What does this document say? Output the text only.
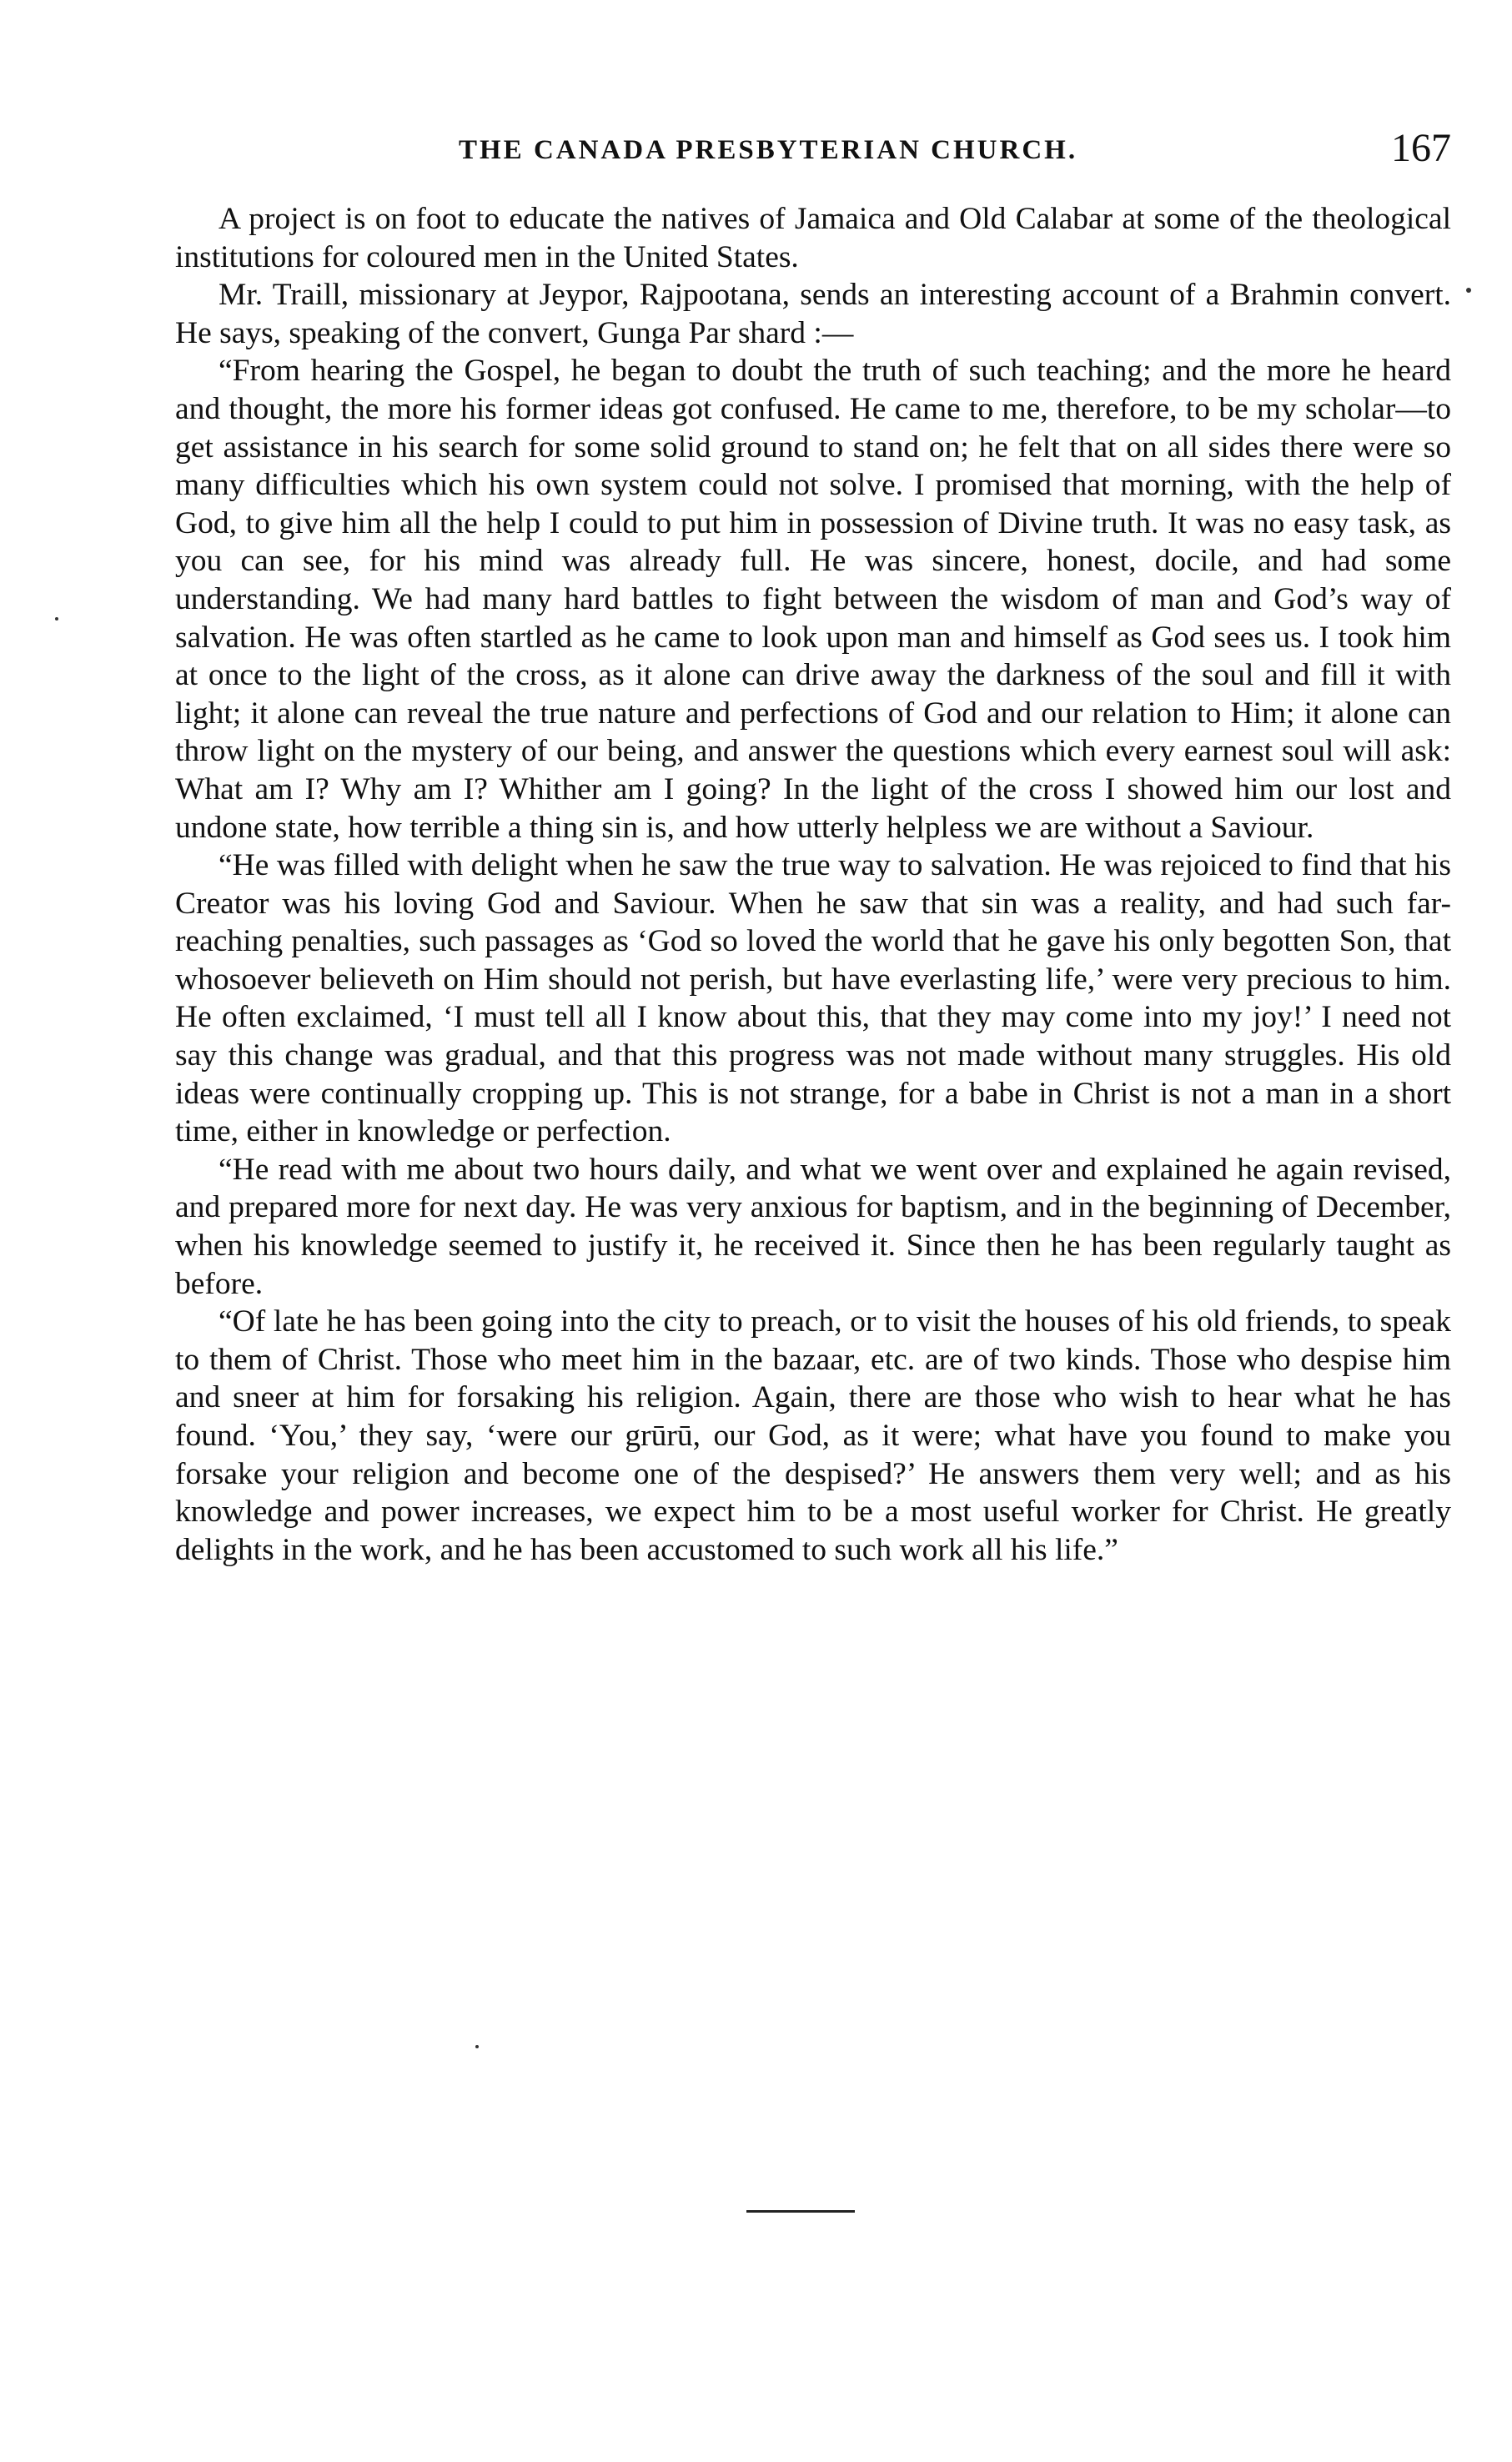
THE CANADA PRESBYTERIAN CHURCH.	167

A project is on foot to educate the natives of Jamaica and Old Calabar at some of the theological institutions for coloured men in the United States.

Mr. Traill, missionary at Jeypor, Rajpootana, sends an interesting account of a Brahmin convert. He says, speaking of the convert, Gunga Par shard :—

“From hearing the Gospel, he began to doubt the truth of such teaching; and the more he heard and thought, the more his former ideas got confused. He came to me, therefore, to be my scholar—to get assistance in his search for some solid ground to stand on; he felt that on all sides there were so many difficulties which his own system could not solve. I promised that morning, with the help of God, to give him all the help I could to put him in possession of Divine truth. It was no easy task, as you can see, for his mind was already full. He was sincere, honest, docile, and had some understanding. We had many hard battles to fight between the wisdom of man and God’s way of salvation. He was often startled as he came to look upon man and himself as God sees us. I took him at once to the light of the cross, as it alone can drive away the darkness of the soul and fill it with light; it alone can reveal the true nature and perfections of God and our relation to Him; it alone can throw light on the mystery of our being, and answer the questions which every earnest soul will ask: What am I? Why am I? Whither am I going? In the light of the cross I showed him our lost and undone state, how terrible a thing sin is, and how utterly helpless we are without a Saviour.

“He was filled with delight when he saw the true way to salvation. He was rejoiced to find that his Creator was his loving God and Saviour. When he saw that sin was a reality, and had such far-reaching penalties, such passages as ‘God so loved the world that he gave his only begotten Son, that whosoever believeth on Him should not perish, but have everlasting life,’ were very precious to him. He often exclaimed, ‘I must tell all I know about this, that they may come into my joy!’ I need not say this change was gradual, and that this progress was not made without many struggles. His old ideas were continually cropping up. This is not strange, for a babe in Christ is not a man in a short time, either in knowledge or perfection.

“He read with me about two hours daily, and what we went over and explained he again revised, and prepared more for next day. He was very anxious for baptism, and in the beginning of December, when his knowledge seemed to justify it, he received it. Since then he has been regularly taught as before.

“Of late he has been going into the city to preach, or to visit the houses of his old friends, to speak to them of Christ. Those who meet him in the bazaar, etc. are of two kinds. Those who despise him and sneer at him for forsaking his religion. Again, there are those who wish to hear what he has found. ‘You,’ they say, ‘were our grūrū, our God, as it were; what have you found to make you forsake your religion and become one of the despised?’ He answers them very well; and as his knowledge and power increases, we expect him to be a most useful worker for Christ. He greatly delights in the work, and he has been accustomed to such work all his life.”
